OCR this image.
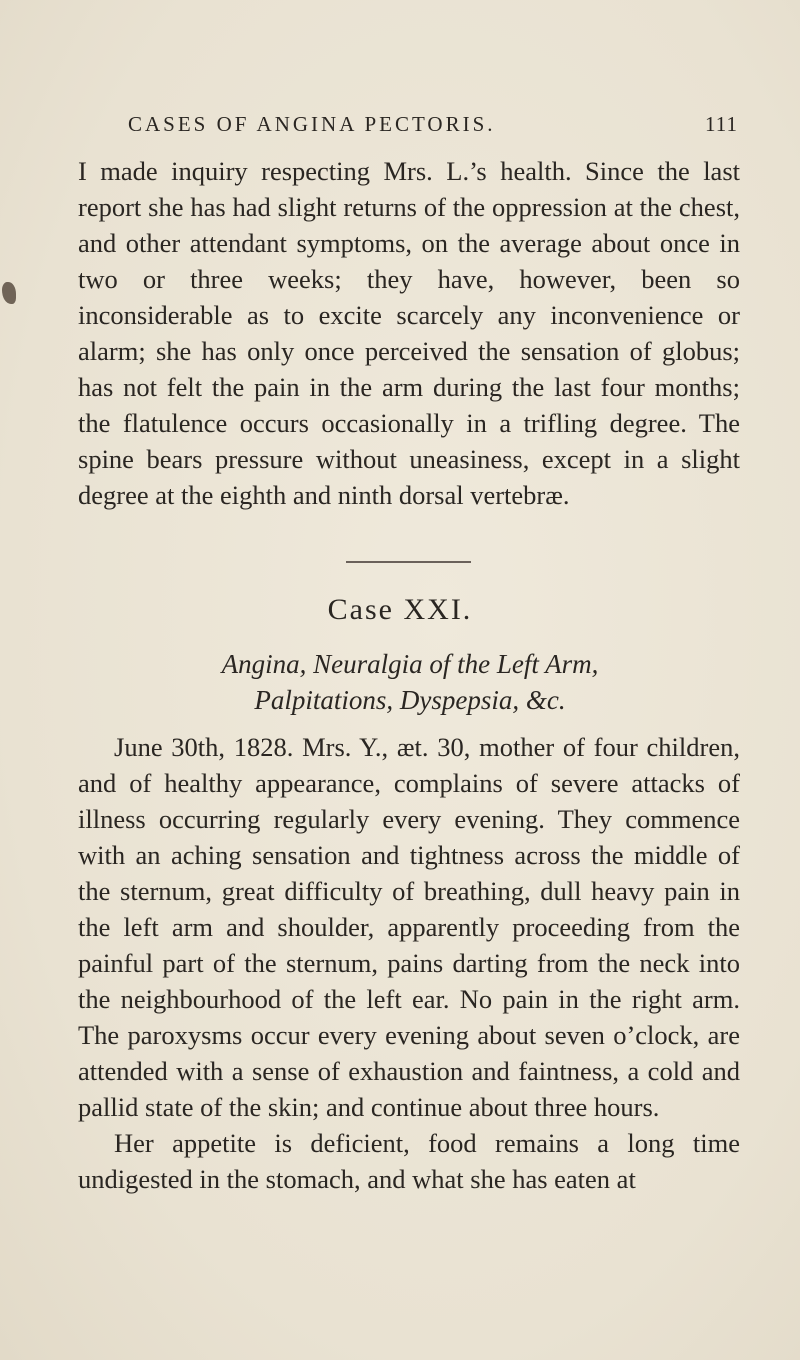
CASES OF ANGINA PECTORIS.	111

I made inquiry respecting Mrs. L.’s health. Since the last report she has had slight returns of the oppression at the chest, and other attendant symptoms, on the average about once in two or three weeks; they have, however, been so inconsiderable as to excite scarcely any inconvenience or alarm; she has only once perceived the sensation of globus; has not felt the pain in the arm during the last four months; the flatulence occurs occasionally in a trifling degree. The spine bears pressure without uneasiness, except in a slight degree at the eighth and ninth dorsal vertebræ.

Case XXI.
Angina, Neuralgia of the Left Arm, Palpitations, Dyspepsia, &c.

June 30th, 1828. Mrs. Y., æt. 30, mother of four children, and of healthy appearance, complains of severe attacks of illness occurring regularly every evening. They commence with an aching sensation and tightness across the middle of the sternum, great difficulty of breathing, dull heavy pain in the left arm and shoulder, apparently proceeding from the painful part of the sternum, pains darting from the neck into the neighbourhood of the left ear. No pain in the right arm. The paroxysms occur every evening about seven o’clock, are attended with a sense of exhaustion and faintness, a cold and pallid state of the skin; and continue about three hours.

Her appetite is deficient, food remains a long time undigested in the stomach, and what she has eaten at
